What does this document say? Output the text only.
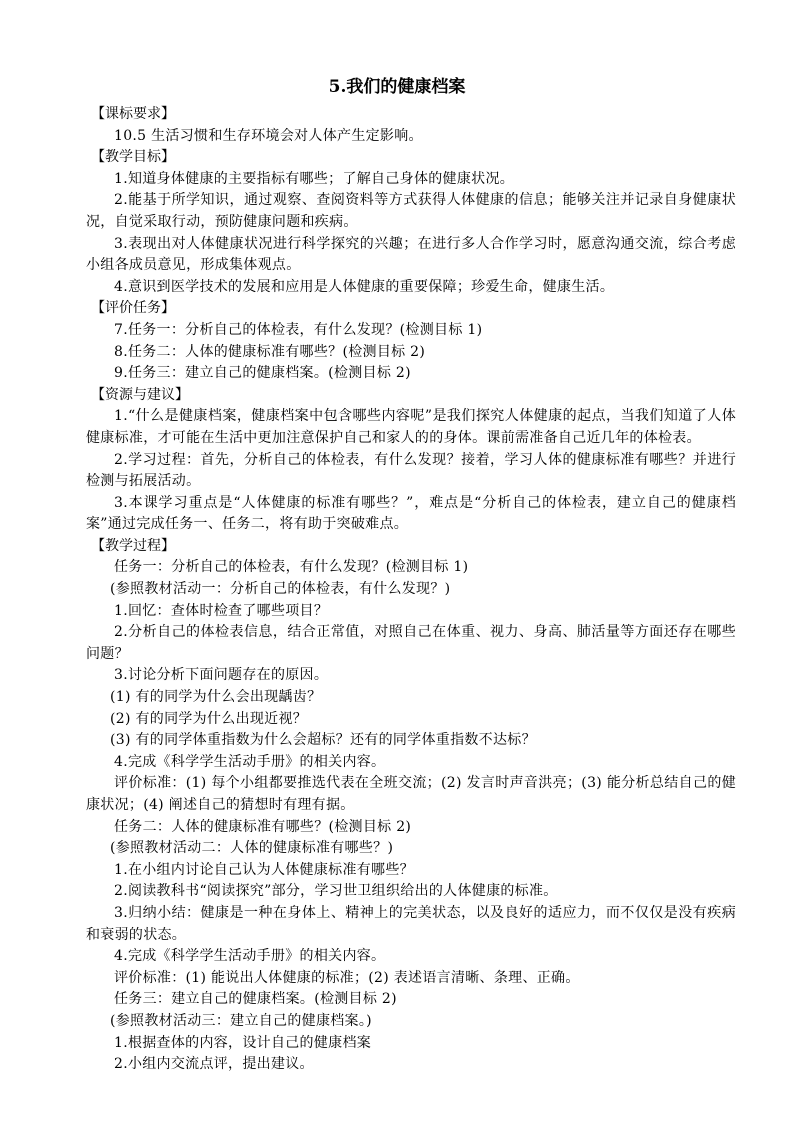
5.我们的健康档案
【课标要求】
10.5 生活习惯和生存环境会对人体产生定影响。
【教学目标】
1.知道身体健康的主要指标有哪些；了解自己身体的健康状况。
2.能基于所学知识，通过观察、查阅资料等方式获得人体健康的信息；能够关注并记录自身健康状况，自觉采取行动，预防健康问题和疾病。
3.表现出对人体健康状况进行科学探究的兴趣；在进行多人合作学习时，愿意沟通交流，综合考虑小组各成员意见，形成集体观点。
4.意识到医学技术的发展和应用是人体健康的重要保障；珍爱生命，健康生活。
【评价任务】
7.任务一：分析自己的体检表，有什么发现？(检测目标 1)
8.任务二：人体的健康标准有哪些？(检测目标 2)
9.任务三：建立自己的健康档案。(检测目标 2)
【资源与建议】
1.“什么是健康档案，健康档案中包含哪些内容呢”是我们探究人体健康的起点，当我们知道了人体健康标准，才可能在生活中更加注意保护自己和家人的的身体。课前需准备自己近几年的体检表。
2.学习过程：首先，分析自己的体检表，有什么发现？接着，学习人体的健康标准有哪些？并进行检测与拓展活动。
3.本课学习重点是“人体健康的标准有哪些？”，难点是“分析自己的体检表，建立自己的健康档案”通过完成任务一、任务二，将有助于突破难点。
【教学过程】
任务一：分析自己的体检表，有什么发现？(检测目标 1)
(参照教材活动一：分析自己的体检表，有什么发现？)
1.回忆：查体时检查了哪些项目？
2.分析自己的体检表信息，结合正常值，对照自己在体重、视力、身高、肺活量等方面还存在哪些问题？
3.讨论分析下面问题存在的原因。
(1) 有的同学为什么会出现龋齿？
(2) 有的同学为什么出现近视？
(3) 有的同学体重指数为什么会超标？还有的同学体重指数不达标？
4.完成《科学学生活动手册》的相关内容。
评价标准：(1) 每个小组都要推选代表在全班交流；(2) 发言时声音洪亮；(3) 能分析总结自己的健康状况；(4) 阐述自己的猜想时有理有据。
任务二：人体的健康标准有哪些？(检测目标 2)
(参照教材活动二：人体的健康标准有哪些？)
1.在小组内讨论自己认为人体健康标准有哪些？
2.阅读教科书“阅读探究”部分，学习世卫组织给出的人体健康的标准。
3.归纳小结：健康是一种在身体上、精神上的完美状态，以及良好的适应力，而不仅仅是没有疾病和衰弱的状态。
4.完成《科学学生活动手册》的相关内容。
评价标准：(1) 能说出人体健康的标准；(2) 表述语言清晰、条理、正确。
任务三：建立自己的健康档案。(检测目标 2)
(参照教材活动三：建立自己的健康档案。)
1.根据查体的内容，设计自己的健康档案
2.小组内交流点评，提出建议。
